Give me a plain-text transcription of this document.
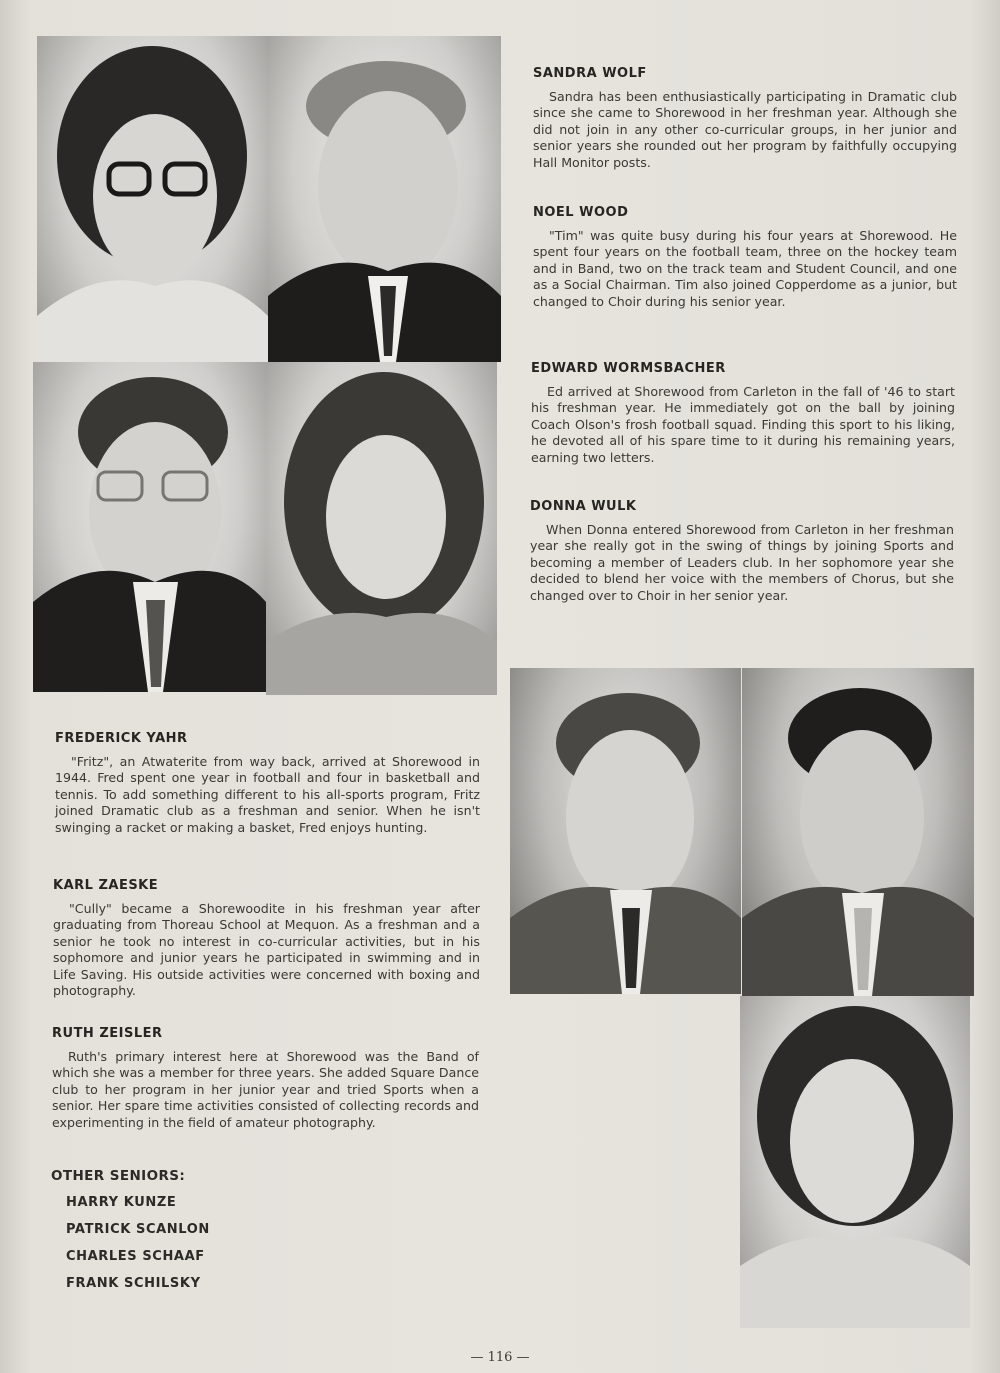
SANDRA WOLF

Sandra has been enthusiastically participating in Dramatic club since she came to Shorewood in her freshman year. Although she did not join in any other co-curricular groups, in her junior and senior years she rounded out her program by faithfully occupying Hall Monitor posts.

NOEL WOOD

"Tim" was quite busy during his four years at Shorewood. He spent four years on the football team, three on the hockey team and in Band, two on the track team and Student Council, and one as a Social Chairman. Tim also joined Copperdome as a junior, but changed to Choir during his senior year.

EDWARD WORMSBACHER

Ed arrived at Shorewood from Carleton in the fall of '46 to start his freshman year. He immediately got on the ball by joining Coach Olson's frosh football squad. Finding this sport to his liking, he devoted all of his spare time to it during his remaining years, earning two letters.

DONNA WULK

When Donna entered Shorewood from Carleton in her freshman year she really got in the swing of things by joining Sports and becoming a member of Leaders club. In her sophomore year she decided to blend her voice with the members of Chorus, but she changed over to Choir in her senior year.

FREDERICK YAHR

"Fritz", an Atwaterite from way back, arrived at Shorewood in 1944. Fred spent one year in football and four in basketball and tennis. To add something different to his all-sports program, Fritz joined Dramatic club as a freshman and senior. When he isn't swinging a racket or making a basket, Fred enjoys hunting.

KARL ZAESKE

"Cully" became a Shorewoodite in his freshman year after graduating from Thoreau School at Mequon. As a freshman and a senior he took no interest in co-curricular activities, but in his sophomore and junior years he participated in swimming and in Life Saving. His outside activities were concerned with boxing and photography.

RUTH ZEISLER

Ruth's primary interest here at Shorewood was the Band of which she was a member for three years. She added Square Dance club to her program in her junior year and tried Sports when a senior. Her spare time activities consisted of collecting records and experimenting in the field of amateur photography.

OTHER SENIORS:
HARRY KUNZE
PATRICK SCANLON
CHARLES SCHAAF
FRANK SCHILSKY
— 116 —
